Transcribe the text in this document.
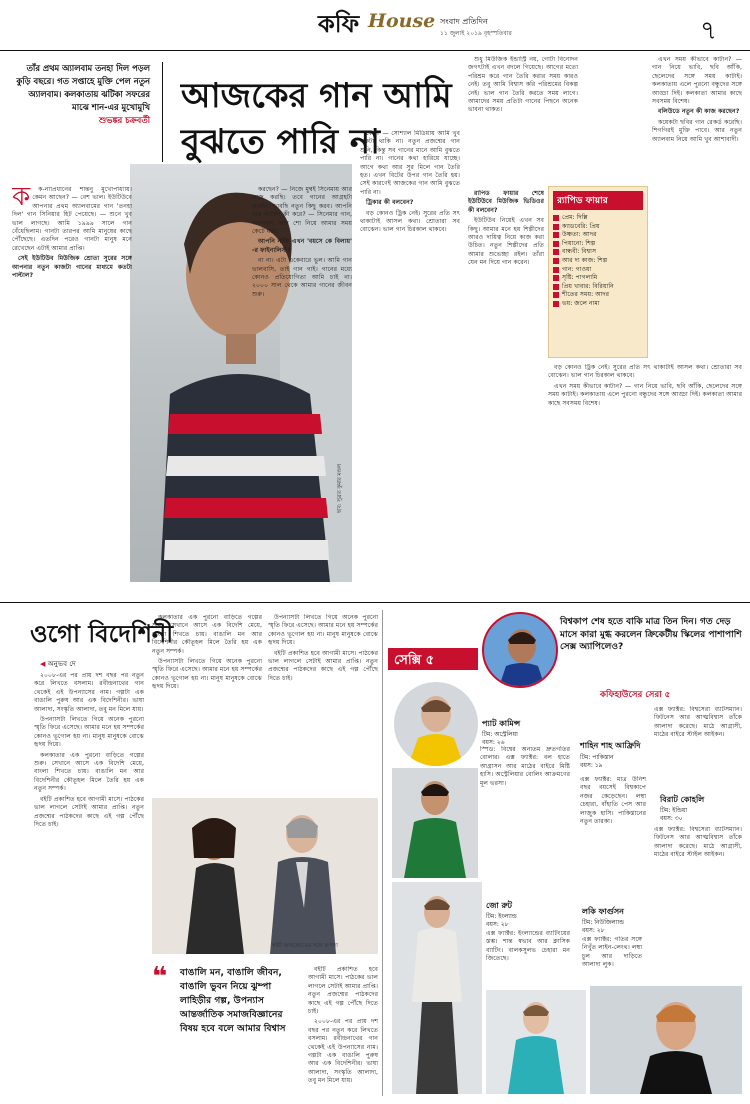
কফি House সংবাদ প্রতিদিন
১১ জুলাই ২০১৯ বৃহস্পতিবার	৭
তাঁর প্রথম অ্যালবাম তনহা দিল পড়ল কুড়ি বছরে। গত সপ্তাহে মুক্তি পেল নতুন অ্যালবাম। কলকাতায় ঝটিকা সফরের মাঝে শান-এর মুখোমুখি
শুভঙ্কর চক্রবর্তী
আজকের গান আমি
বুঝতে পারি না
ছবি: সুব্রত কুমার মণ্ডল
ক	ক-ন্যাপ্রধানের শান্তনু মুখোপাধ্যায়। কেমন আছেন? — বেশ ভাল। ইউটিউবে আপনার প্রথম অ্যালবামের গান 'তনহা দিল' গান সিনিয়ার হিট পেয়েছে। — শুনে খুব ভাল লাগছে। আমি ১৯৯৯ সালে গান বেঁধেছিলাম। গানটা তারপর আমি মানুষের কাছে পৌঁছেছে। এতদিন পরেও গানটা মানুষ মনে রেখেছেন এটাই আমার প্রাপ্তি।

সেই ইউটিউব মিউজিক শ্রোতা সুরের সঙ্গে আপনার নতুন কাজটা গানের মাধ্যমে কতটা পাল্টাল?

করছেন? — নিজে মুম্বই সিনেমায় আর কাজ করছি। তবে গানের আগ্রহটা কমেনি। ভাবছি নতুন কিছু করব। আপনি ব্যস্ত থাকেন কী করে? — সিনেমার গান, অ্যালবাম আর শো নিয়ে আমার সময় কেটে যায়।

আপনি নাকি এখন 'বয়সে কে বিলায়' -র ফাইনালিস্ট?

না না। এটা একেবারে ভুল। আমি গান ভালবাসি, তাই গান গাই। গানের মধ্যে কোনও প্রতিযোগিতা আমি চাই না। ২০০০ সাল থেকে আমার গানের জীবন শুরু।

কেন? — সোশ্যাল মিডিয়ায় আমি খুব একটা থাকি না। নতুন প্রজন্মের গান শুনি, কিন্তু সব গানের মানে আমি বুঝতে পারি না। গানের কথা হারিয়ে যাচ্ছে। আগে কথা আর সুর মিলে গান তৈরি হত। এখন বিটের উপর গান তৈরি হয়। সেই কারণেই আজকের গান আমি বুঝতে পারি না।

ট্রিকার কী বলবেন?

বড় কোনও ট্রিক নেই। সুরের প্রতি সৎ থাকাটাই আসল কথা। শ্রোতারা সব বোঝেন। ভাল গান চিরকাল থাকবে।

শুধু মিউজিক ইন্ডাস্ট্রি নয়, গোটা বিনোদন জগৎটাই এখন বদলে গিয়েছে। আগের মতো পরিশ্রম করে গান তৈরি করার সময় কারও নেই। তবু আমি বিশ্বাস করি পরিশ্রমের বিকল্প নেই। ভাল গান তৈরি করতে সময় লাগে। আমাদের সময় প্রতিটা গানের পিছনে অনেক ভাবনা থাকত।

র‍্যাপিড ফায়ার
প্রেম: দিল্লি
ক্যাডবেরি: প্রিয়
উষ্ণতা: আদর
পিয়ানো: শিল্প
বান্ধবী: বিশ্বাস
আর দ্য কাজ: শিল্প
গান: গাওয়া
সৃষ্টি: পাগলামি
প্রিয় খাবার: বিরিয়ানি
শীতের সময়: আদর
ভয়: জলে নামা

রাপিড ফায়ার শেষে ইউটিউবে মিউজিক ভিডিওর কী বলবেন?

ইউটিউব নিয়েই এখন সব কিছু। আমার মনে হয় শিল্পীদের আরও দায়িত্ব নিয়ে কাজ করা উচিত। নতুন শিল্পীদের প্রতি আমার শুভেচ্ছা রইল। তাঁরা যেন মন দিয়ে গান করেন।

এখন সময় কীভাবে কাটান? — গান নিয়ে ভাবি, ছবি আঁকি, ছেলেদের সঙ্গে সময় কাটাই। কলকাতায় এলে পুরনো বন্ধুদের সঙ্গে আড্ডা দিই। কলকাতা আমার কাছে সবসময় বিশেষ।

বলিউডে নতুন কী কাজ করছেন?

কয়েকটা ছবির গান রেকর্ড করেছি। শিগগিরই মুক্তি পাবে। আর নতুন অ্যালবাম নিয়ে আমি খুব আশাবাদী।

বড় কোনও ট্রিক নেই। সুরের প্রতি সৎ থাকাটাই আসল কথা। শ্রোতারা সব বোঝেন। ভাল গান চিরকাল থাকবে।

এখন সময় কীভাবে কাটান? — গান নিয়ে ভাবি, ছবি আঁকি, ছেলেদের সঙ্গে সময় কাটাই। কলকাতায় এলে পুরনো বন্ধুদের সঙ্গে আড্ডা দিই। কলকাতা আমার কাছে সবসময় বিশেষ।

ওগো বিদেশিনী
◀ অনুভব দে

২০০৮-এর পর প্রায় দশ বছর পর নতুন করে লিখতে বসলাম। রবীন্দ্রনাথের গান থেকেই এই উপন্যাসের নাম। গল্পটা এক বাঙালি পুরুষ আর এক বিদেশিনীর। ভাষা আলাদা, সংস্কৃতি আলাদা, তবু মন মিলে যায়।

উপন্যাসটা লিখতে গিয়ে অনেক পুরনো স্মৃতি ফিরে এসেছে। আমার মনে হয় সম্পর্কের কোনও ভূগোল হয় না। মানুষ মানুষকে বোঝে হৃদয় দিয়ে।

কলকাতার এক পুরনো বাড়িতে গল্পের শুরু। সেখানে আসে এক বিদেশি মেয়ে, বাংলা শিখতে চায়। বাঙালি মন আর বিদেশিনীর কৌতূহল মিলে তৈরি হয় এক নতুন সম্পর্ক।

বইটি প্রকাশিত হবে আগামী মাসে। পাঠকের ভাল লাগলে সেটাই আমার প্রাপ্তি। নতুন প্রজন্মের পাঠকদের কাছে এই গল্প পৌঁছে দিতে চাই।

কলকাতার এক পুরনো বাড়িতে গল্পের শুরু। সেখানে আসে এক বিদেশি মেয়ে, বাংলা শিখতে চায়। বাঙালি মন আর বিদেশিনীর কৌতূহল মিলে তৈরি হয় এক নতুন সম্পর্ক।

উপন্যাসটা লিখতে গিয়ে অনেক পুরনো স্মৃতি ফিরে এসেছে। আমার মনে হয় সম্পর্কের কোনও ভূগোল হয় না। মানুষ মানুষকে বোঝে হৃদয় দিয়ে।

উপন্যাসটা লিখতে গিয়ে অনেক পুরনো স্মৃতি ফিরে এসেছে। আমার মনে হয় সম্পর্কের কোনও ভূগোল হয় না। মানুষ মানুষকে বোঝে হৃদয় দিয়ে।

বইটি প্রকাশিত হবে আগামী মাসে। পাঠকের ভাল লাগলে সেটাই আমার প্রাপ্তি। নতুন প্রজন্মের পাঠকদের কাছে এই গল্প পৌঁছে দিতে চাই।

স্বামী আনন্দ্রোত্রের সঙ্গে রুপসা
❝ বাঙালি মন, বাঙালি জীবন, বাঙালি ভুবন নিয়ে ঝুম্পা লাহিড়ীর গল্প, উপন্যাস আন্তর্জাতিক সমাজবিজ্ঞানের বিষয় হবে বলে আমার বিশ্বাস

বইটি প্রকাশিত হবে আগামী মাসে। পাঠকের ভাল লাগলে সেটাই আমার প্রাপ্তি। নতুন প্রজন্মের পাঠকদের কাছে এই গল্প পৌঁছে দিতে চাই।

২০০৮-এর পর প্রায় দশ বছর পর নতুন করে লিখতে বসলাম। রবীন্দ্রনাথের গান থেকেই এই উপন্যাসের নাম। গল্পটা এক বাঙালি পুরুষ আর এক বিদেশিনীর। ভাষা আলাদা, সংস্কৃতি আলাদা, তবু মন মিলে যায়।

সেক্সি ৫
বিশ্বকাপ শেষ হতে বাকি মাত্র তিন দিন। গত দেড় মাসে কারা মুগ্ধ করলেন ক্রিকেটীয় স্কিলের পাশাপাশি সেক্স অ্যাপিলেও?
কফিহাউসের সেরা ৫
প্যাট কামিন্স
টিম: অস্ট্রেলিয়া
বয়স: ২৬
স্পিড: বিশ্বের অন্যতম দ্রুতগতির বোলার। এক্স ফ্যাক্টর: বল হাতে আগ্রাসন আর মাঠের বাইরে মিষ্টি হাসি। অস্ট্রেলিয়ার বোলিং আক্রমণের মূল ভরসা।
শাহিন শাহ আফ্রিদি
টিম: পাকিস্তান
বয়স: ১৯
এক্স ফ্যাক্টর: মাত্র উনিশ বছর বয়সেই বিশ্বকাপে নজর কেড়েছেন। লম্বা চেহারা, বাঁহাতি পেস আর লাজুক হাসি। পাকিস্তানের নতুন তারকা।
এক্স ফ্যাক্টর: বিশ্বসেরা ব্যাটসম্যান। ফিটনেস আর আত্মবিশ্বাস তাঁকে আলাদা করেছে। মাঠে আগ্রাসী, মাঠের বাইরে স্টাইল আইকন।
বিরাট কোহলি
টিম: ইন্ডিয়া
বয়স: ৩০
এক্স ফ্যাক্টর: বিশ্বসেরা ব্যাটসম্যান। ফিটনেস আর আত্মবিশ্বাস তাঁকে আলাদা করেছে। মাঠে আগ্রাসী, মাঠের বাইরে স্টাইল আইকন।
জো রুট
টিম: ইংল্যান্ড
বয়স: ২৮
এক্স ফ্যাক্টর: ইংল্যান্ডের ব্যাটিংয়ের স্তম্ভ। শান্ত স্বভাব আর ক্লাসিক ব্যাটিং। বালকসুলভ চেহারা মন জিতেছে।
লকি ফার্গুসন
টিম: নিউজিল্যান্ড
বয়স: ২৮
এক্স ফ্যাক্টর: গতির সঙ্গে নিখুঁত লাইন-লেংথ। লম্বা চুল আর দাড়িতে আলাদা লুক।
